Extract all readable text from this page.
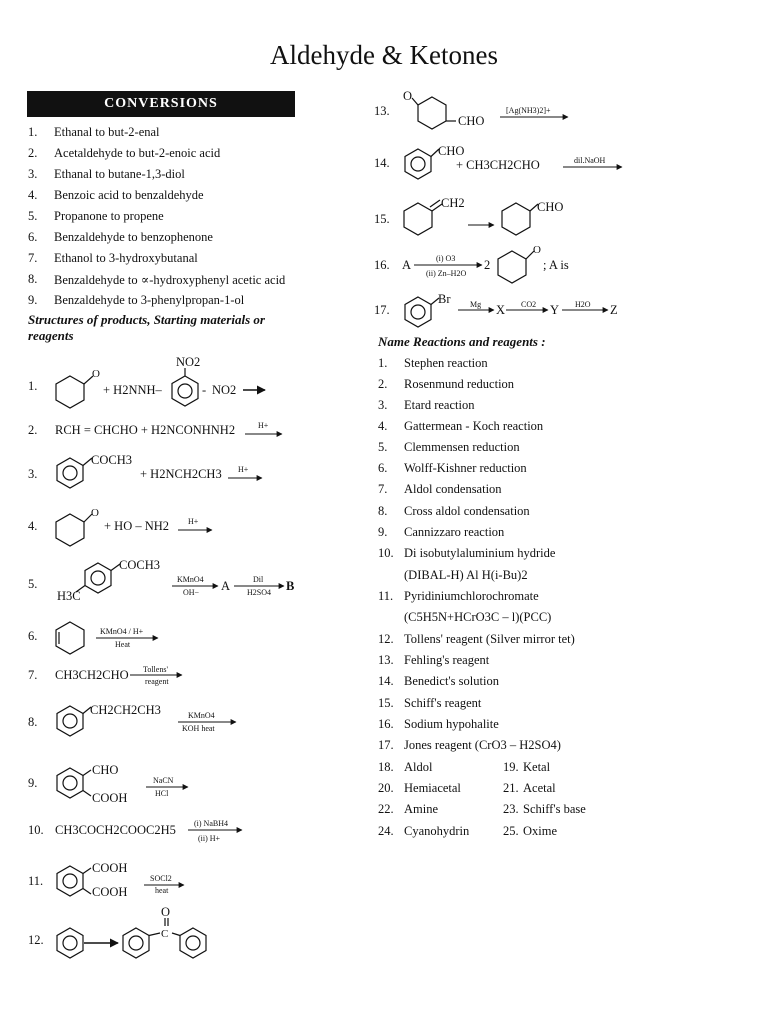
Aldehyde & Ketones
CONVERSIONS
1.	Ethanal to but-2-enal
2.	Acetaldehyde to but-2-enoic acid
3.	Ethanal to butane-1,3-diol
4.	Benzoic acid to benzaldehyde
5.	Propanone to propene
6.	Benzaldehyde to benzophenone
7.	Ethanol to 3-hydroxybutanal
8.	Benzaldehyde to ∝-hydroxyphenyl acetic acid
9.	Benzaldehyde to 3-phenylpropan-1-ol
Structures of products, Starting materials or reagents
1.
O
+ H2NNH–
NO2
- NO2
2. RCH = CHCHO + H2NCONHNH2	H+
3.
COCH3
+ H2NCH2CH3 H+
4.
O
+ HO – NH2 H+
5.
COCH3
H3C
KMnO4
OH− A	Dil
H2SO4 B
6.	KMnO4 / H+
Heat
7. CH3CH2CHO Tollens'
reagent
8.
CH2CH2CH3	KMnO4
KOH heat
9.
CHO
COOH
NaCN
HCl
10. CH3COCH2COOC2H5 (i) NaBH4
(ii) H+
11.
COOH
COOH
SOCl2
heat
12.
O
C
13.
O
CHO
[Ag(NH3)2]+
14.
CHO
+ CH3CH2CHO	dil.NaOH
15.
CH2	CHO
16. A	(i) O3
(ii) Zn–H2O
2
O
; A is
17.
Br Mg X CO2 Y H2O Z
Name Reactions and reagents :
1.	Stephen reaction
2.	Rosenmund reduction
3.	Etard reaction
4.	Gattermean - Koch reaction
5.	Clemmensen reduction
6.	Wolff-Kishner reduction
7.	Aldol condensation
8.	Cross aldol condensation
9.	Cannizzaro reaction
10. Di isobutylaluminium hydride
(DIBAL-H) Al H(i-Bu)2
11. Pyridiniumchlorochromate
(C5H5N+HCrO3C – l)(PCC)
12. Tollens' reagent (Silver mirror tet)
13. Fehling's reagent
14. Benedict's solution
15. Schiff's reagent
16. Sodium hypohalite
17. Jones reagent (CrO3 – H2SO4)
18. Aldol	19. Ketal
20. Hemiacetal	21. Acetal
22. Amine	23. Schiff's base
24. Cyanohydrin	25. Oxime
